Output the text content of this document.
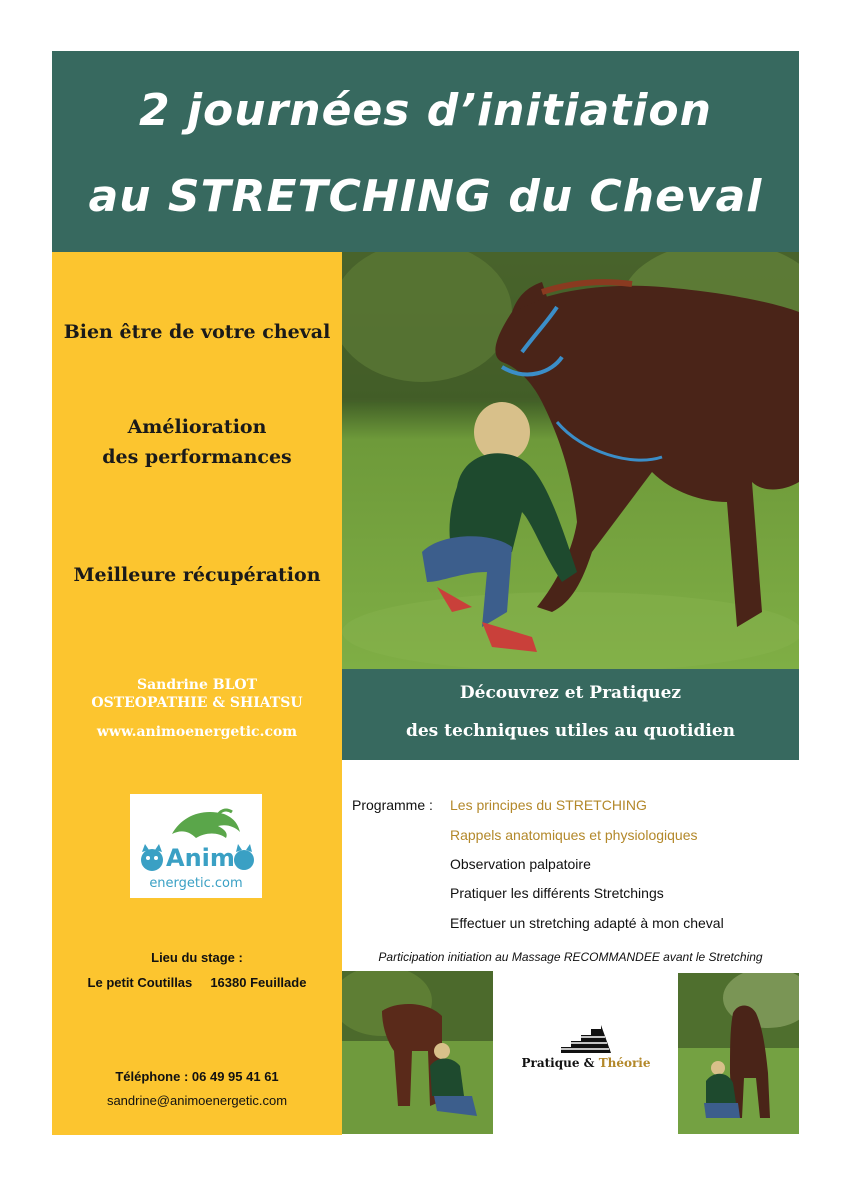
2 journées d’initiation
au STRETCHING du Cheval
Bien être de votre cheval
Amélioration
des performances
Meilleure récupération
Sandrine BLOT
OSTEOPATHIE & SHIATSU
www.animoenergetic.com
Animo
energetic.com
Lieu du stage :
Le petit Coutillas 16380 Feuillade
Téléphone : 06 49 95 41 61
sandrine@animoenergetic.com
Découvrez et Pratiquez
des techniques utiles au quotidien
Programme : Les principes du STRETCHING
Rappels anatomiques et physiologiques
Observation palpatoire
Pratiquer les différents Stretchings
Effectuer un stretching adapté à mon cheval
Participation initiation au Massage RECOMMANDEE avant le Stretching
Pratique & Théorie
